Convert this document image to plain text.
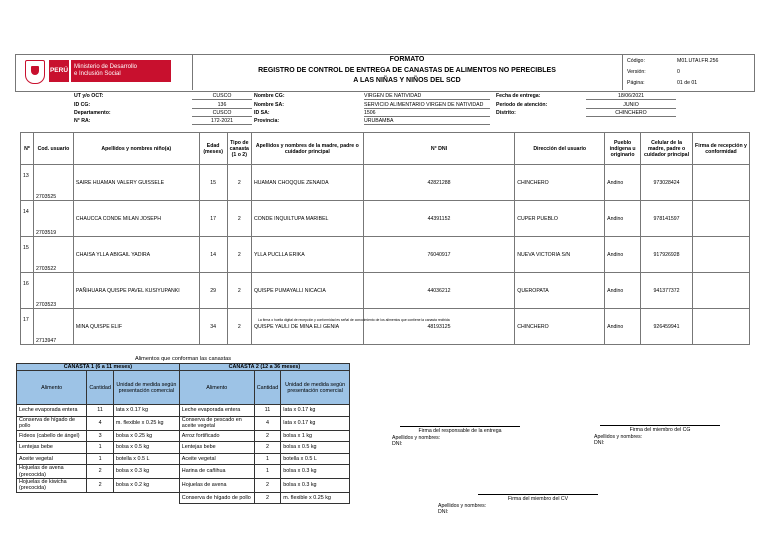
PERÚ Ministerio de Desarrollo
e Inclusión Social
FORMATO
REGISTRO DE CONTROL DE ENTREGA DE CANASTAS DE ALIMENTOS NO PERECIBLES
A LAS NIÑAS Y NIÑOS DEL SCD
Código:	M01.UTAI.FR.256
Versión:	0
Página:	01 de 01
UT y/o OCT:	CUSCO	Nombre CG:	VIRGEN DE NATIVIDAD	Fecha de entrega:	18/06/2021
ID CG:	136	Nombre SA:	SERVICIO ALIMENTARIO VIRGEN DE NATIVIDAD	Periodo de atención:	JUNIO
Departamento:	CUSCO	ID SA:	1506	Distrito:	CHINCHERO
N° RA:	172-2021	Provincia:	URUBAMBA
Nº	Cod. usuario	Apellidos y nombres niño(a)	Edad (meses)	Tipo de canasta (1 o 2)	Apellidos y nombres de la madre, padre o cuidador principal	N° DNI	Dirección del usuario	Pueblo indígena u originario	Celular de la madre, padre o cuidador principal	Firma de recepción y conformidad
13	2703525	SAIRE HUAMAN VALERY GUISSELE	15	2	HUAMAN CHOQQUE ZENAIDA	42821288	CHINCHERO	Andino	973028424	
14	2703519	CHAUCCA CONDE MILAN JOSEPH	17	2	CONDE INQUILTUPA MARIBEL	44391152	CUPER PUEBLO	Andino	978141597	
15	2703522	CHAISA YLLA ABIGAIL YADIRA	14	2	YLLA PUCLLA ERIKA	76040917	NUEVA VICTORIA S/N	Andino	917926928	
16	2703523	PAÑIHUARA QUISPE PAVEL KUSIYUPANKI	29	2	QUISPE PUMAYALLI NICACIA	44036212	QUEROPATA	Andino	941377372	
17	2713947	MINA QUISPE ELIF	34	2	QUISPE YAULI DE MINA ELI GENIA	48193125	CHINCHERO	Andino	926459941	
La firma o huella digital de recepción y conformidad es señal de conocimiento de los alimentos que contiene la canasta recibida
Alimentos que conforman las canastas
CANASTA 1 (6 a 11 meses)			CANASTA 2 (12 a 36 meses)		
Alimento	Cantidad	Unidad de medida según presentación comercial	Alimento	Cantidad	Unidad de medida según presentación comercial
Leche evaporada entera	11	lata x 0.17 kg	Leche evaporada entera	11	lata x 0.17 kg
Conserva de hígado de pollo	4	m. flexible x 0.25 kg	Conserva de pescado en aceite vegetal	4	lata x 0.17 kg
Fideos (cabello de ángel)	3	bolsa x 0.25 kg	Arroz fortificado	2	bolsa x 1 kg
Lentejas bebe	1	bolsa x 0.5 kg	Lentejas bebe	2	bolsa x 0.5 kg
Aceite vegetal	1	botella x 0.5 L	Aceite vegetal	1	botella x 0.5 L
Hojuelas de avena (precocida)	2	bolsa x 0.3 kg	Harina de cañihua	1	bolsa x 0.3 kg
Hojuelas de kiwicha (precocida)	2	bolsa x 0.2 kg	Hojuelas de avena	2	bolsa x 0.3 kg
			Conserva de hígado de pollo	2	m. flexible x 0.25 kg
Firma del responsable de la entrega
Apellidos y nombres:
DNI:
Firma del miembro del CG
Apellidos y nombres:
DNI:
Firma del miembro del CV
Apellidos y nombres:
DNI:
